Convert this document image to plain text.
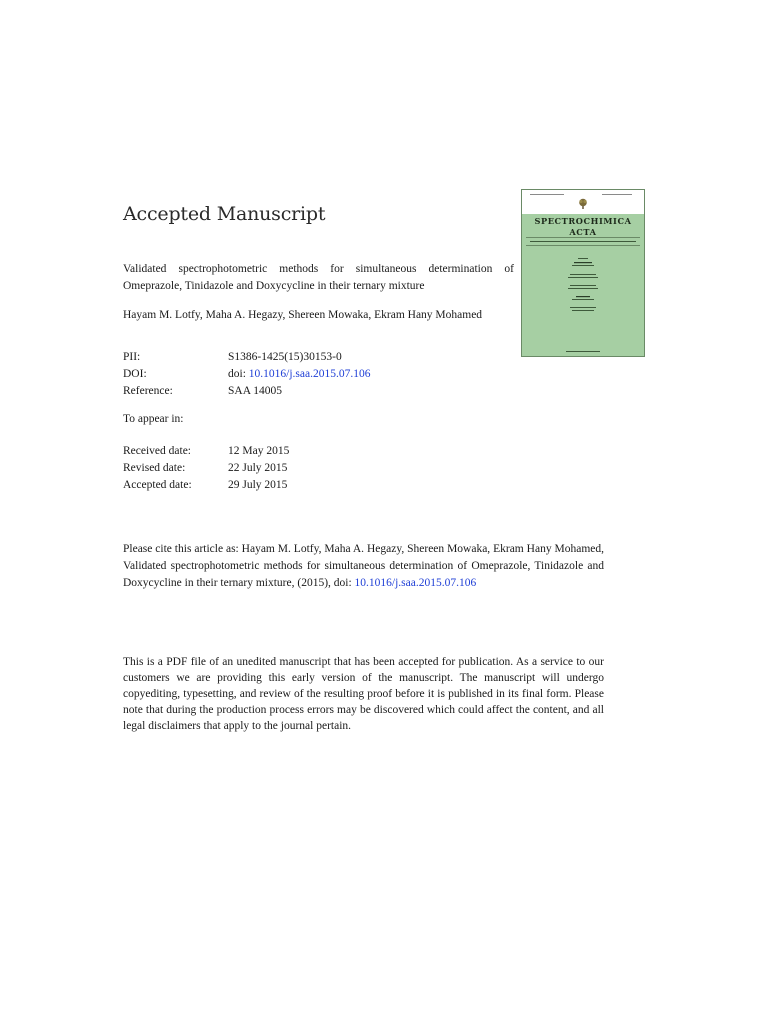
Accepted Manuscript
Validated spectrophotometric methods for simultaneous determination of Omeprazole, Tinidazole and Doxycycline in their ternary mixture
Hayam M. Lotfy, Maha A. Hegazy, Shereen Mowaka, Ekram Hany Mohamed
PII:	S1386-1425(15)30153-0
DOI:	doi: 10.1016/j.saa.2015.07.106
Reference:	SAA 14005
To appear in:
Received date:	12 May 2015
Revised date:	22 July 2015
Accepted date:	29 July 2015
Please cite this article as: Hayam M. Lotfy, Maha A. Hegazy, Shereen Mowaka, Ekram Hany Mohamed, Validated spectrophotometric methods for simultaneous determination of Omeprazole, Tinidazole and Doxycycline in their ternary mixture, (2015), doi: 10.1016/j.saa.2015.07.106
This is a PDF file of an unedited manuscript that has been accepted for publication. As a service to our customers we are providing this early version of the manuscript. The manuscript will undergo copyediting, typesetting, and review of the resulting proof before it is published in its final form. Please note that during the production process errors may be discovered which could affect the content, and all legal disclaimers that apply to the journal pertain.
SPECTROCHIMICA
ACTA
